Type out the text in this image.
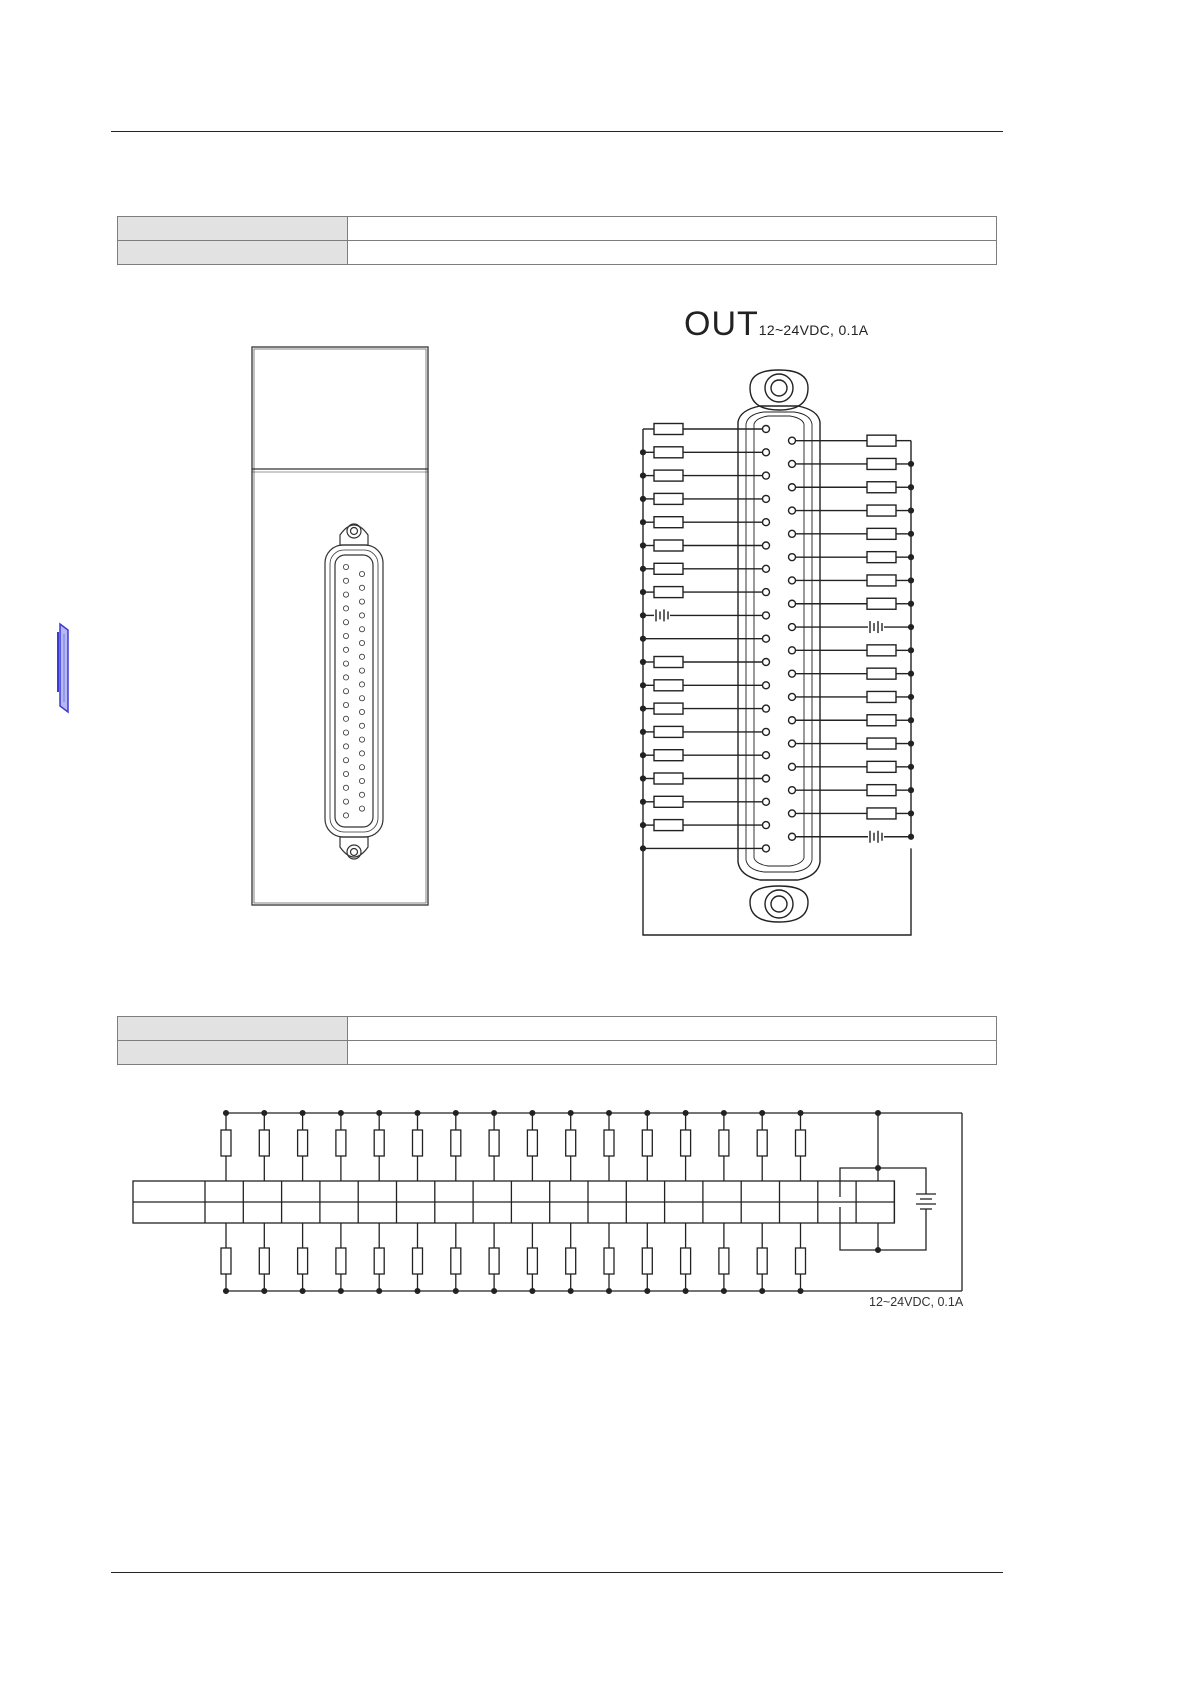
OUT12~24VDC, 0.1A

12~24VDC, 0.1A
